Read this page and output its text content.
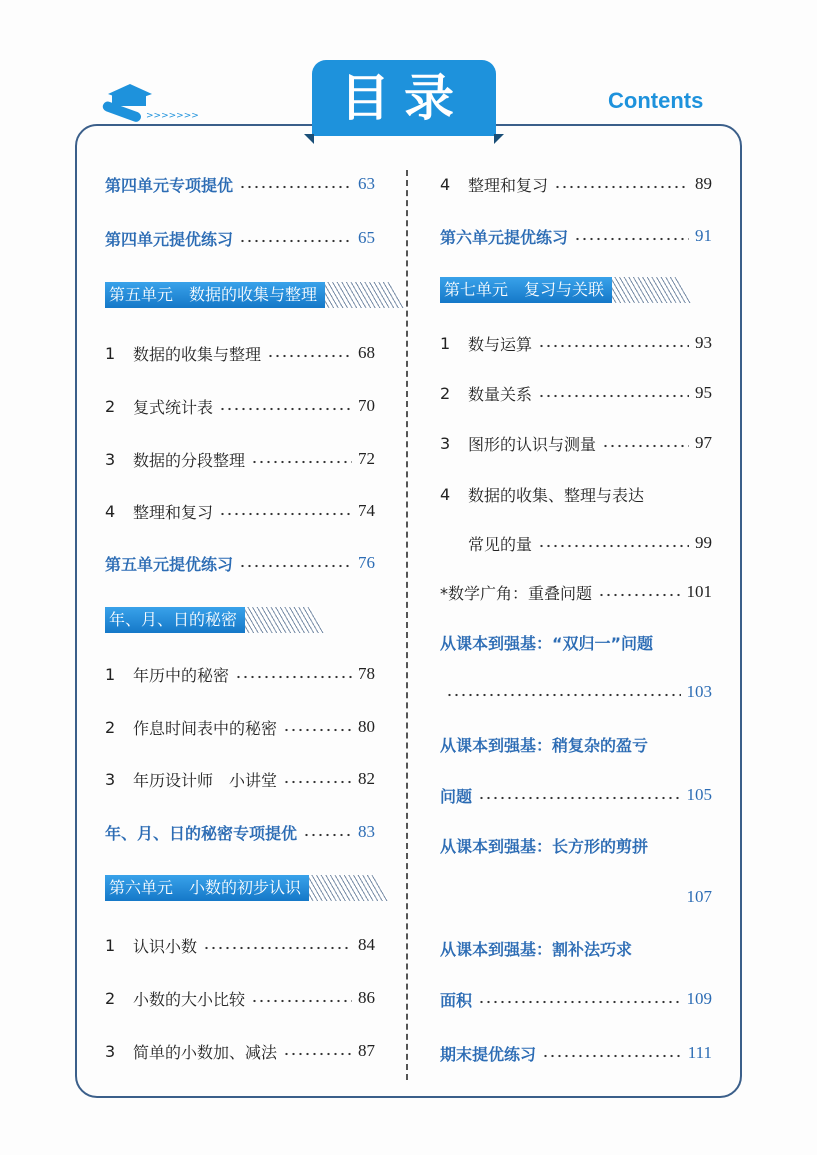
>>>>>>>	目录	Contents
第四单元专项提优	63
第四单元提优练习	65
第五单元　数据的收集与整理
1	数据的收集与整理	68
2	复式统计表	70
3	数据的分段整理	72
4	整理和复习	74
第五单元提优练习	76
年、月、日的秘密
1	年历中的秘密	78
2	作息时间表中的秘密	80
3	年历设计师　小讲堂	82
年、月、日的秘密专项提优	83
第六单元　小数的初步认识
1	认识小数	84
2	小数的大小比较	86
3	简单的小数加、减法	87
4	整理和复习	89
第六单元提优练习	91
第七单元　复习与关联
1	数与运算	93
2	数量关系	95
3	图形的认识与测量	97
4	数据的收集、整理与表达
常见的量	99
*数学广角：重叠问题	101
从课本到强基：“双归一”问题
103
从课本到强基：稍复杂的盈亏
问题	105
从课本到强基：长方形的剪拼
107
从课本到强基：割补法巧求
面积	109
期末提优练习	111
